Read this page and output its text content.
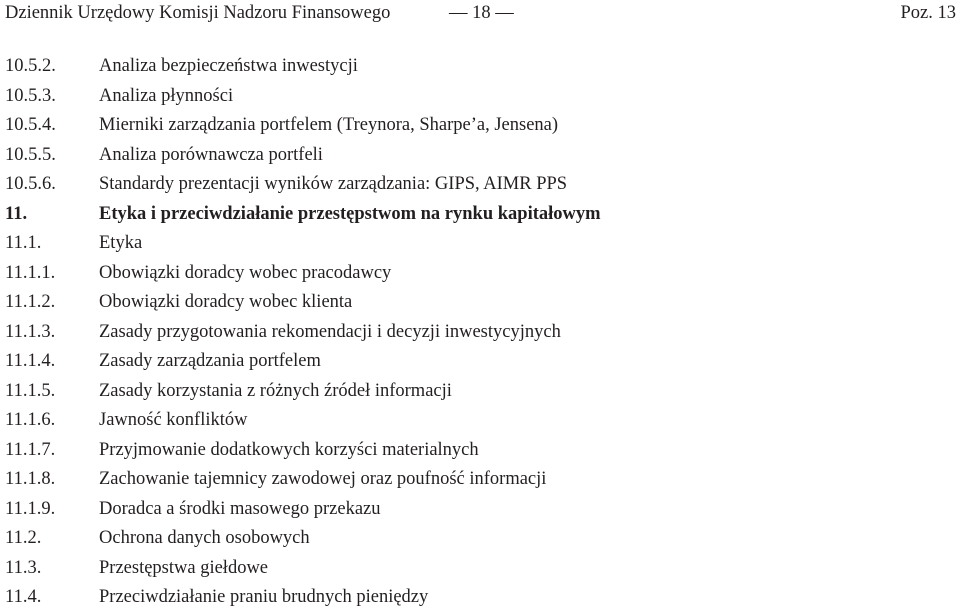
Dziennik Urzędowy Komisji Nadzoru Finansowego	— 18 —	Poz. 13
10.5.2. Analiza bezpieczeństwa inwestycji
10.5.3. Analiza płynności
10.5.4. Mierniki zarządzania portfelem (Treynora, Sharpe’a, Jensena)
10.5.5. Analiza porównawcza portfeli
10.5.6. Standardy prezentacji wyników zarządzania: GIPS, AIMR PPS
11.	Etyka i przeciwdziałanie przestępstwom na rynku kapitałowym
11.1.	Etyka
11.1.1. Obowiązki doradcy wobec pracodawcy
11.1.2. Obowiązki doradcy wobec klienta
11.1.3. Zasady przygotowania rekomendacji i decyzji inwestycyjnych
11.1.4. Zasady zarządzania portfelem
11.1.5. Zasady korzystania z różnych źródeł informacji
11.1.6. Jawność konfliktów
11.1.7. Przyjmowanie dodatkowych korzyści materialnych
11.1.8. Zachowanie tajemnicy zawodowej oraz poufność informacji
11.1.9. Doradca a środki masowego przekazu
11.2.	Ochrona danych osobowych
11.3.	Przestępstwa giełdowe
11.4.	Przeciwdziałanie praniu brudnych pieniędzy
